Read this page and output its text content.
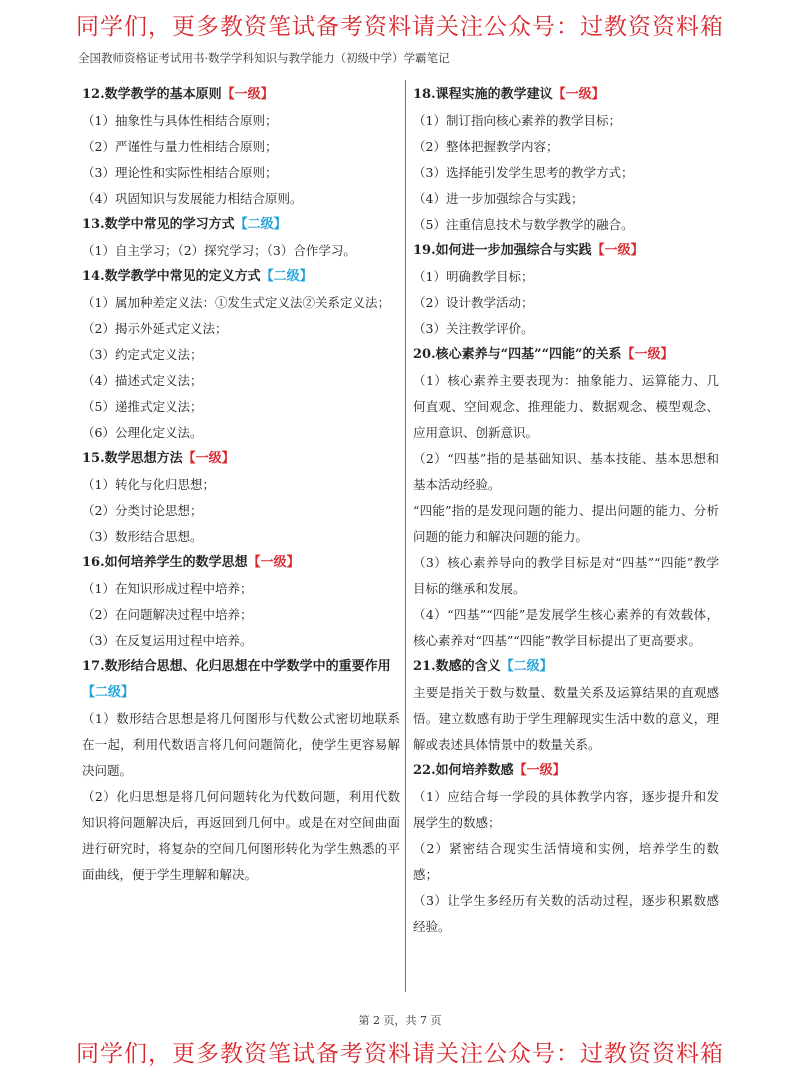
同学们，更多教资笔试备考资料请关注公众号：过教资资料箱
全国教师资格证考试用书·数学学科知识与教学能力（初级中学）学霸笔记
12.数学教学的基本原则【一级】

（1）抽象性与具体性相结合原则；

（2）严谨性与量力性相结合原则；

（3）理论性和实际性相结合原则；

（4）巩固知识与发展能力相结合原则。

13.数学中常见的学习方式【二级】

（1）自主学习；（2）探究学习；（3）合作学习。

14.数学教学中常见的定义方式【二级】

（1）属加种差定义法：①发生式定义法②关系定义法；

（2）揭示外延式定义法；

（3）约定式定义法；

（4）描述式定义法；

（5）递推式定义法；

（6）公理化定义法。

15.数学思想方法【一级】

（1）转化与化归思想；

（2）分类讨论思想；

（3）数形结合思想。

16.如何培养学生的数学思想【一级】

（1）在知识形成过程中培养；

（2）在问题解决过程中培养；

（3）在反复运用过程中培养。

17.数形结合思想、化归思想在中学数学中的重要作用【二级】

（1）数形结合思想是将几何图形与代数公式密切地联系在一起，利用代数语言将几何问题简化，使学生更容易解决问题。

（2）化归思想是将几何问题转化为代数问题，利用代数知识将问题解决后，再返回到几何中。或是在对空间曲面进行研究时，将复杂的空间几何图形转化为学生熟悉的平面曲线，便于学生理解和解决。

18.课程实施的教学建议【一级】

（1）制订指向核心素养的教学目标；

（2）整体把握教学内容；

（3）选择能引发学生思考的教学方式；

（4）进一步加强综合与实践；

（5）注重信息技术与数学教学的融合。

19.如何进一步加强综合与实践【一级】

（1）明确教学目标；

（2）设计教学活动；

（3）关注教学评价。

20.核心素养与“四基”“四能”的关系【一级】

（1）核心素养主要表现为：抽象能力、运算能力、几何直观、空间观念、推理能力、数据观念、模型观念、应用意识、创新意识。

（2）“四基”指的是基础知识、基本技能、基本思想和基本活动经验。

“四能”指的是发现问题的能力、提出问题的能力、分析问题的能力和解决问题的能力。

（3）核心素养导向的教学目标是对“四基”“四能”教学目标的继承和发展。

（4）“四基”“四能”是发展学生核心素养的有效载体，核心素养对“四基”“四能”教学目标提出了更高要求。

21.数感的含义【二级】

主要是指关于数与数量、数量关系及运算结果的直观感悟。建立数感有助于学生理解现实生活中数的意义，理解或表述具体情景中的数量关系。

22.如何培养数感【一级】

（1）应结合每一学段的具体教学内容，逐步提升和发展学生的数感；

（2）紧密结合现实生活情境和实例，培养学生的数感；

（3）让学生多经历有关数的活动过程，逐步积累数感经验。

第 2 页，共 7 页
同学们，更多教资笔试备考资料请关注公众号：过教资资料箱
